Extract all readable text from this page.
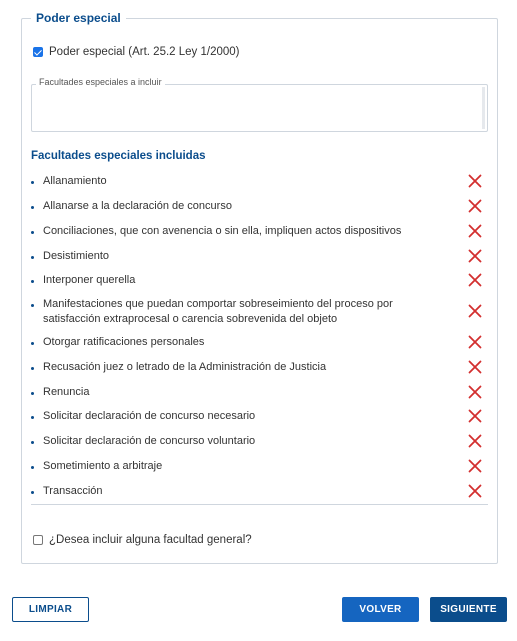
Poder especial
Poder especial (Art. 25.2 Ley 1/2000)
Facultades especiales a incluir
Facultades especiales incluidas
Allanamiento
Allanarse a la declaración de concurso
Conciliaciones, que con avenencia o sin ella, impliquen actos dispositivos
Desistimiento
Interponer querella
Manifestaciones que puedan comportar sobreseimiento del proceso por satisfacción extraprocesal o carencia sobrevenida del objeto
Otorgar ratificaciones personales
Recusación juez o letrado de la Administración de Justicia
Renuncia
Solicitar declaración de concurso necesario
Solicitar declaración de concurso voluntario
Sometimiento a arbitraje
Transacción
¿Desea incluir alguna facultad general?
LIMPIAR	VOLVER	SIGUIENTE
